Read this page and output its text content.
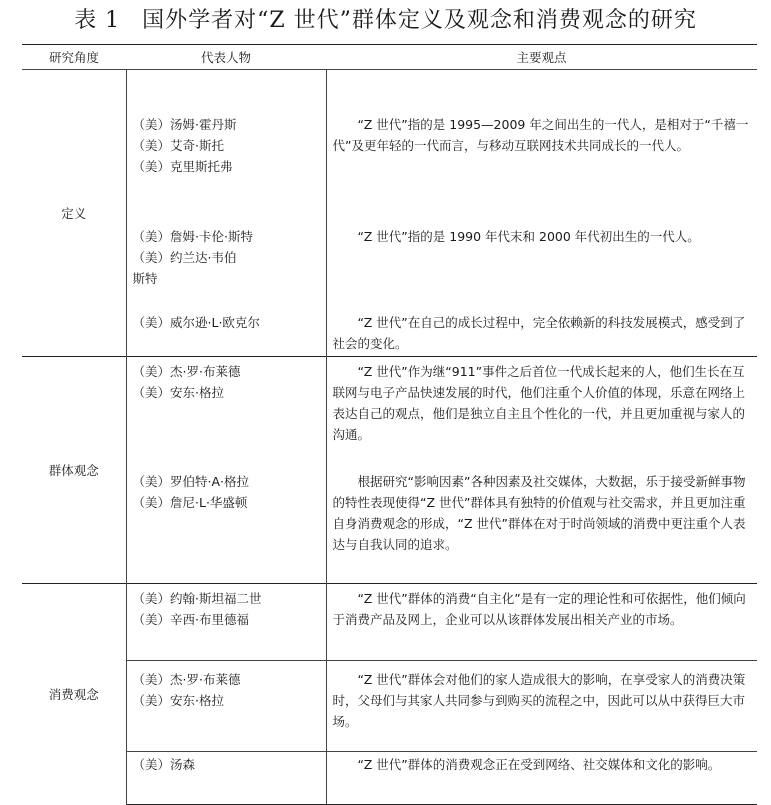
表 1 国外学者对“Z 世代”群体定义及观念和消费观念的研究
研究角度	代表人物	主要观点
定义	（美）汤姆·霍丹斯
（美）艾奇·斯托
（美）克里斯托弗	“Z 世代”指的是 1995—2009 年之间出生的一代人，是相对于“千禧一代”及更年轻的一代而言，与移动互联网技术共同成长的一代人。

	（美）詹姆·卡伦·斯特
（美）约兰达·韦伯
斯特	“Z 世代”指的是 1990 年代末和 2000 年代初出生的一代人。

	（美）威尔逊·L·欧克尔	“Z 世代”在自己的成长过程中，完全依赖新的科技发展模式，感受到了社会的变化。
群体观念	（美）杰·罗·布莱德
（美）安东·格拉	“Z 世代”作为继“911”事件之后首位一代成长起来的人，他们生长在互联网与电子产品快速发展的时代，他们注重个人价值的体现，乐意在网络上表达自己的观点，他们是独立自主且个性化的一代，并且更加重视与家人的沟通。

	（美）罗伯特·A·格拉
（美）詹尼·L·华盛顿	根据研究“影响因素”各种因素及社交媒体，大数据，乐于接受新鲜事物的特性表现使得“Z 世代”群体具有独特的价值观与社交需求，并且更加注重自身消费观念的形成，“Z 世代”群体在对于时尚领域的消费中更注重个人表达与自我认同的追求。
消费观念	（美）约翰·斯坦福二世
（美）辛西·布里德福	“Z 世代”群体的消费“自主化”是有一定的理论性和可依据性，他们倾向于消费产品及网上，企业可以从该群体发展出相关产业的市场。

	（美）杰·罗·布莱德
（美）安东·格拉	“Z 世代”群体会对他们的家人造成很大的影响，在享受家人的消费决策时，父母们与其家人共同参与到购买的流程之中，因此可以从中获得巨大市场。

	（美）汤森	“Z 世代”群体的消费观念正在受到网络、社交媒体和文化的影响。
